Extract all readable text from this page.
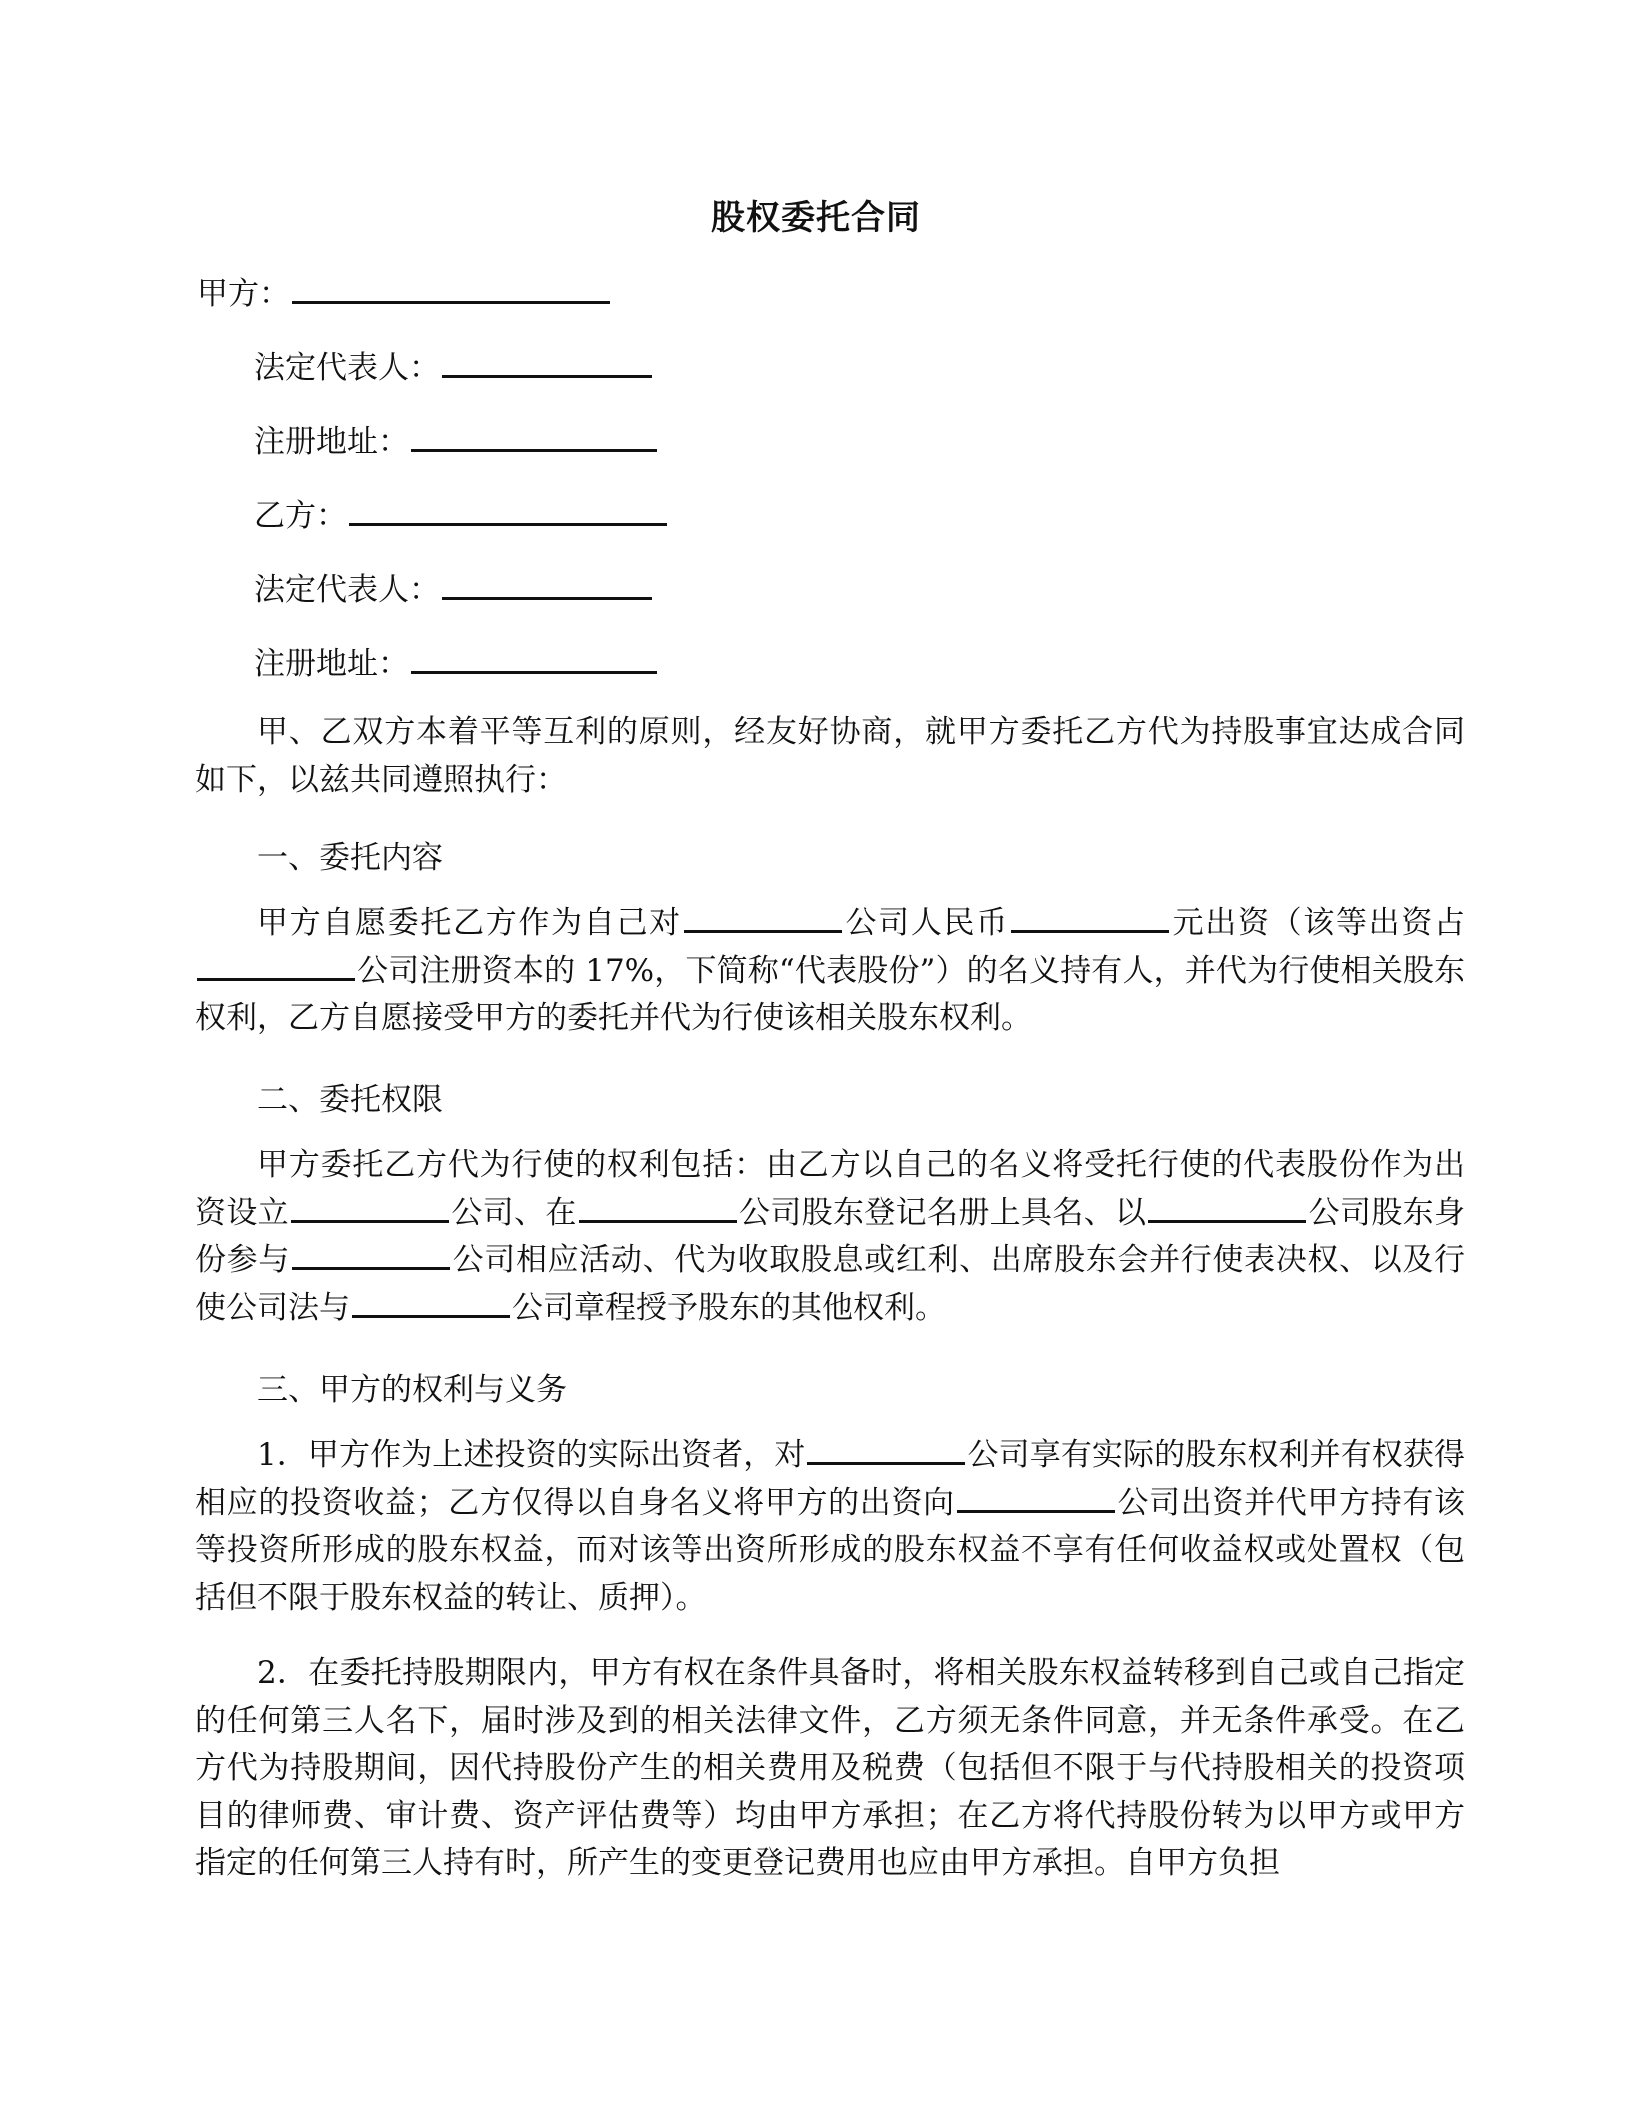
股权委托合同
甲方：
法定代表人：
注册地址：
乙方：
法定代表人：
注册地址：

甲、乙双方本着平等互利的原则，经友好协商，就甲方委托乙方代为持股事宜达成合同如下，以兹共同遵照执行：

一、委托内容

甲方自愿委托乙方作为自己对	公司人民币	元出资（该等出资占公司注册资本的 17%，下简称“代表股份”）的名义持有人，并代为行使相关股东权利，乙方自愿接受甲方的委托并代为行使该相关股东权利。

二、委托权限

甲方委托乙方代为行使的权利包括：由乙方以自己的名义将受托行使的代表股份作为出资设立	公司、在	公司股东登记名册上具名、以	公司股东身份参与	公司相应活动、代为收取股息或红利、出席股东会并行使表决权、以及行使公司法与	公司章程授予股东的其他权利。

三、甲方的权利与义务

1．甲方作为上述投资的实际出资者，对	公司享有实际的股东权利并有权获得相应的投资收益；乙方仅得以自身名义将甲方的出资向	公司出资并代甲方持有该等投资所形成的股东权益，而对该等出资所形成的股东权益不享有任何收益权或处置权（包括但不限于股东权益的转让、质押）。

2．在委托持股期限内，甲方有权在条件具备时，将相关股东权益转移到自己或自己指定的任何第三人名下，届时涉及到的相关法律文件，乙方须无条件同意，并无条件承受。在乙方代为持股期间，因代持股份产生的相关费用及税费（包括但不限于与代持股相关的投资项目的律师费、审计费、资产评估费等）均由甲方承担；在乙方将代持股份转为以甲方或甲方指定的任何第三人持有时，所产生的变更登记费用也应由甲方承担。自甲方负担
